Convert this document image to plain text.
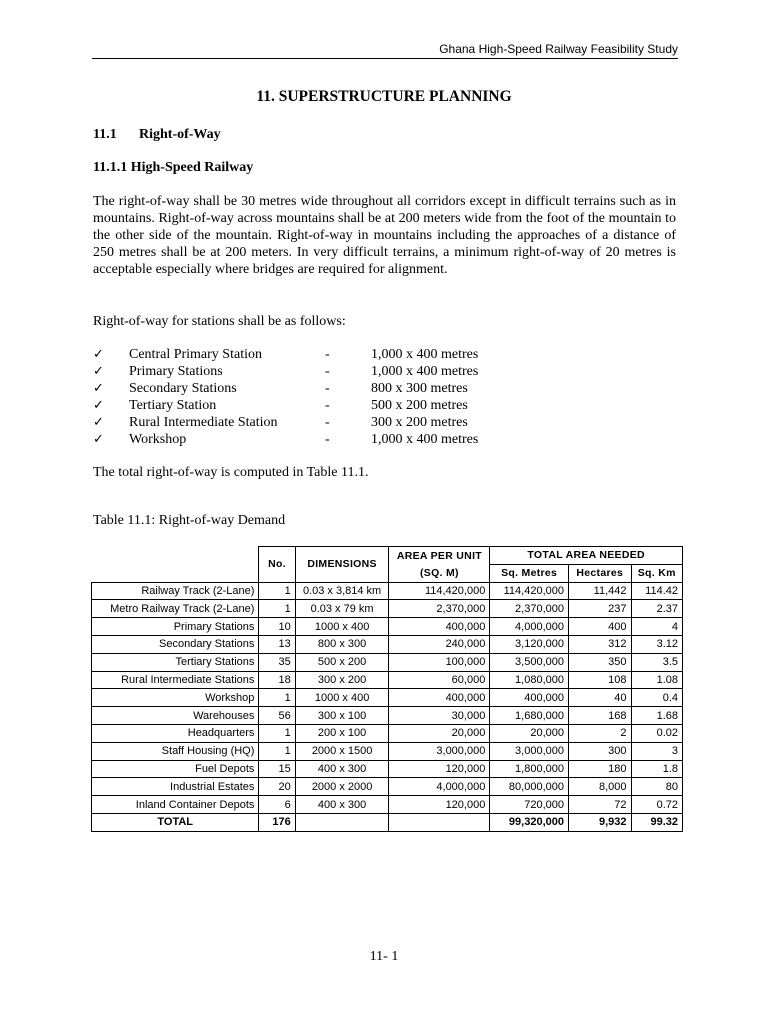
Ghana High-Speed Railway Feasibility Study
11. SUPERSTRUCTURE PLANNING
11.1 Right-of-Way
11.1.1 High-Speed Railway

The right-of-way shall be 30 metres wide throughout all corridors except in difficult terrains such as in mountains. Right-of-way across mountains shall be at 200 meters wide from the foot of the mountain to the other side of the mountain. Right-of-way in mountains including the approaches of a distance of 250 metres shall be at 200 meters. In very difficult terrains, a minimum right-of-way of 20 metres is acceptable especially where bridges are required for alignment.

Right-of-way for stations shall be as follows:

✓	Central Primary Station	-	1,000 x 400 metres
✓	Primary Stations	-	1,000 x 400 metres
✓	Secondary Stations	-	800 x 300 metres
✓	Tertiary Station	-	500 x 200 metres
✓	Rural Intermediate Station	-	300 x 200 metres
✓	Workshop	-	1,000 x 400 metres

The total right-of-way is computed in Table 11.1.

Table 11.1: Right-of-way Demand
	No.	DIMENSIONS	AREA PER UNIT	TOTAL AREA NEEDED		
			(SQ. M)	Sq. Metres	Hectares	Sq. Km
Railway Track (2-Lane)	1	0.03 x 3,814 km	114,420,000	114,420,000	11,442	114.42
Metro Railway Track (2-Lane)	1	0.03 x 79 km	2,370,000	2,370,000	237	2.37
Primary Stations	10	1000 x 400	400,000	4,000,000	400	4
Secondary Stations	13	800 x 300	240,000	3,120,000	312	3.12
Tertiary Stations	35	500 x 200	100,000	3,500,000	350	3.5
Rural Intermediate Stations	18	300 x 200	60,000	1,080,000	108	1.08
Workshop	1	1000 x 400	400,000	400,000	40	0.4
Warehouses	56	300 x 100	30,000	1,680,000	168	1.68
Headquarters	1	200 x 100	20,000	20,000	2	0.02
Staff Housing (HQ)	1	2000 x 1500	3,000,000	3,000,000	300	3
Fuel Depots	15	400 x 300	120,000	1,800,000	180	1.8
Industrial Estates	20	2000 x 2000	4,000,000	80,000,000	8,000	80
Inland Container Depots	6	400 x 300	120,000	720,000	72	0.72
TOTAL	176			99,320,000	9,932	99.32
11- 1
